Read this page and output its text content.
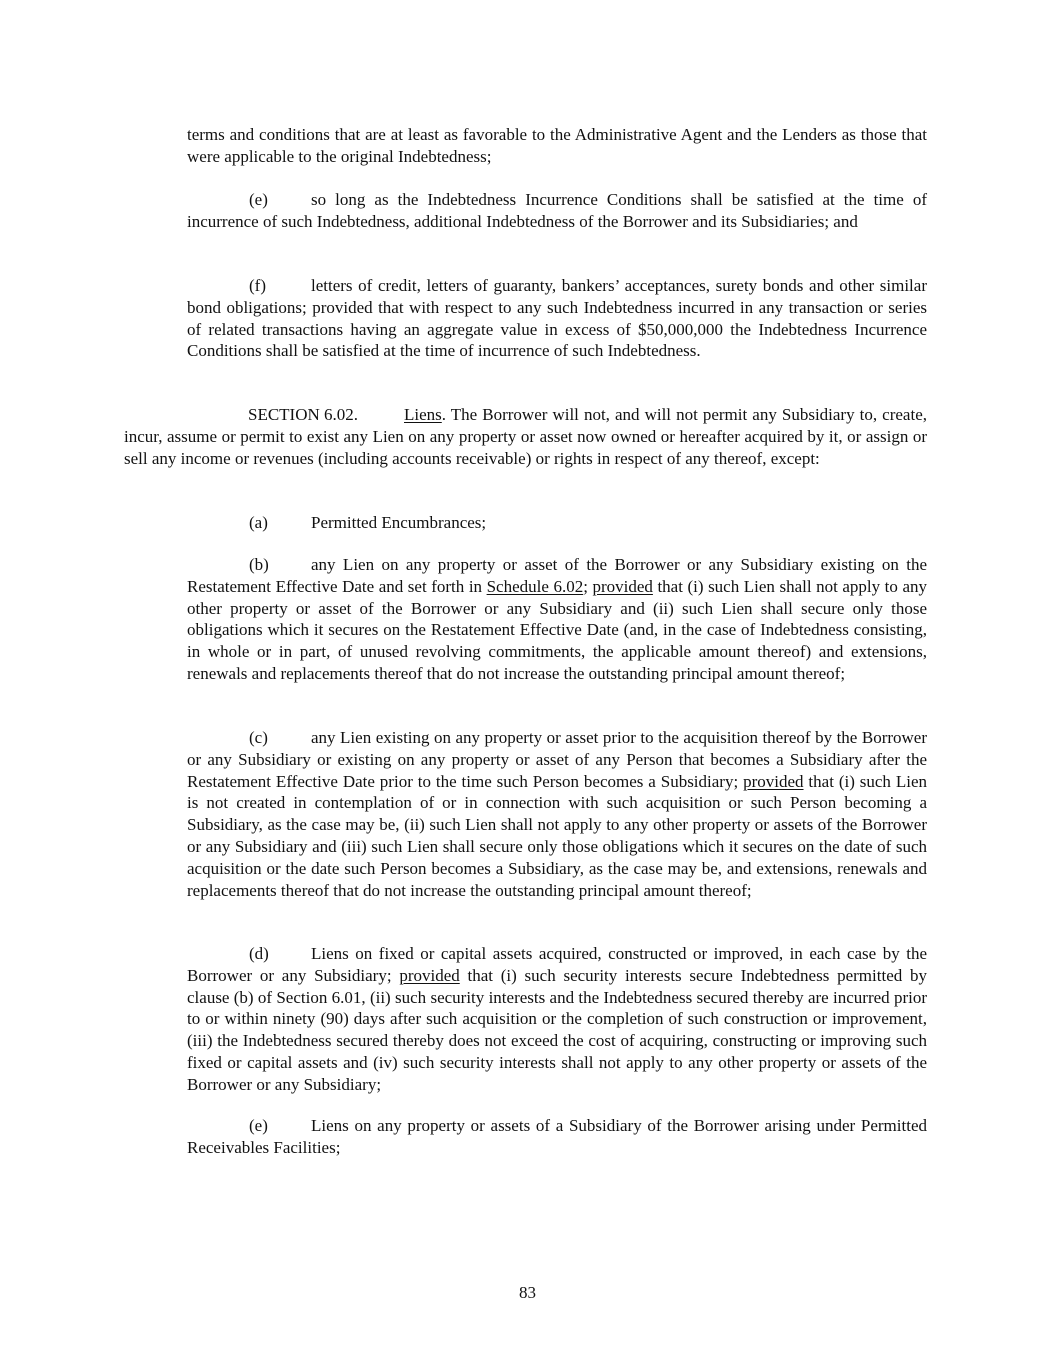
terms and conditions that are at least as favorable to the Administrative Agent and the Lenders as those that were applicable to the original Indebtedness;

(e)	so long as the Indebtedness Incurrence Conditions shall be satisfied at the time of incurrence of such Indebtedness, additional Indebtedness of the Borrower and its Subsidiaries; and

(f)	letters of credit, letters of guaranty, bankers’ acceptances, surety bonds and other similar bond obligations; provided that with respect to any such Indebtedness incurred in any transaction or series of related transactions having an aggregate value in excess of $50,000,000 the Indebtedness Incurrence Conditions shall be satisfied at the time of incurrence of such Indebtedness.

SECTION 6.02.	Liens. The Borrower will not, and will not permit any Subsidiary to, create, incur, assume or permit to exist any Lien on any property or asset now owned or hereafter acquired by it, or assign or sell any income or revenues (including accounts receivable) or rights in respect of any thereof, except:

(a)	Permitted Encumbrances;

(b) any Lien on any property or asset of the Borrower or any Subsidiary existing on the Restatement Effective Date and set forth in Schedule 6.02; provided that (i) such Lien shall not apply to any other property or asset of the Borrower or any Subsidiary and (ii) such Lien shall secure only those obligations which it secures on the Restatement Effective Date (and, in the case of Indebtedness consisting, in whole or in part, of unused revolving commitments, the applicable amount thereof) and extensions, renewals and replacements thereof that do not increase the outstanding principal amount thereof;

(c)	any Lien existing on any property or asset prior to the acquisition thereof by the Borrower or any Subsidiary or existing on any property or asset of any Person that becomes a Subsidiary after the Restatement Effective Date prior to the time such Person becomes a Subsidiary; provided that (i) such Lien is not created in contemplation of or in connection with such acquisition or such Person becoming a Subsidiary, as the case may be, (ii) such Lien shall not apply to any other property or assets of the Borrower or any Subsidiary and (iii) such Lien shall secure only those obligations which it secures on the date of such acquisition or the date such Person becomes a Subsidiary, as the case may be, and extensions, renewals and replacements thereof that do not increase the outstanding principal amount thereof;

(d) Liens on fixed or capital assets acquired, constructed or improved, in each case by the Borrower or any Subsidiary; provided that (i) such security interests secure Indebtedness permitted by clause (b) of Section 6.01, (ii) such security interests and the Indebtedness secured thereby are incurred prior to or within ninety (90) days after such acquisition or the completion of such construction or improvement, (iii) the Indebtedness secured thereby does not exceed the cost of acquiring, constructing or improving such fixed or capital assets and (iv) such security interests shall not apply to any other property or assets of the Borrower or any Subsidiary;

(e)	Liens on any property or assets of a Subsidiary of the Borrower arising under Permitted Receivables Facilities;

83
